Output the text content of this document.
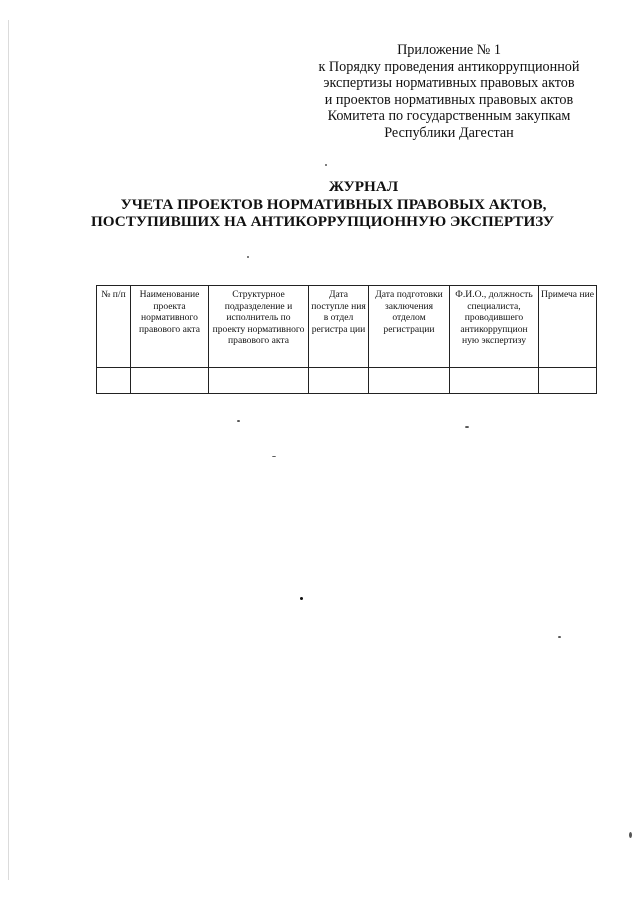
Приложение № 1
к Порядку проведения антикоррупционной
экспертизы нормативных правовых актов
и проектов нормативных правовых актов
Комитета по государственным закупкам
Республики Дагестан
ЖУРНАЛ
УЧЕТА ПРОЕКТОВ НОРМАТИВНЫХ ПРАВОВЫХ АКТОВ,
ПОСТУПИВШИХ НА АНТИКОРРУПЦИОННУЮ ЭКСПЕРТИЗУ
№ п/п	Наименование проекта нормативного правового акта	Структурное подразделение и исполнитель по проекту нормативного правового акта	Дата поступле ния в отдел регистра ции	Дата подготовки заключения отделом регистрации	Ф.И.О., должность специалиста, проводившего антикоррупцион ную экспертизу	Примеча ние
